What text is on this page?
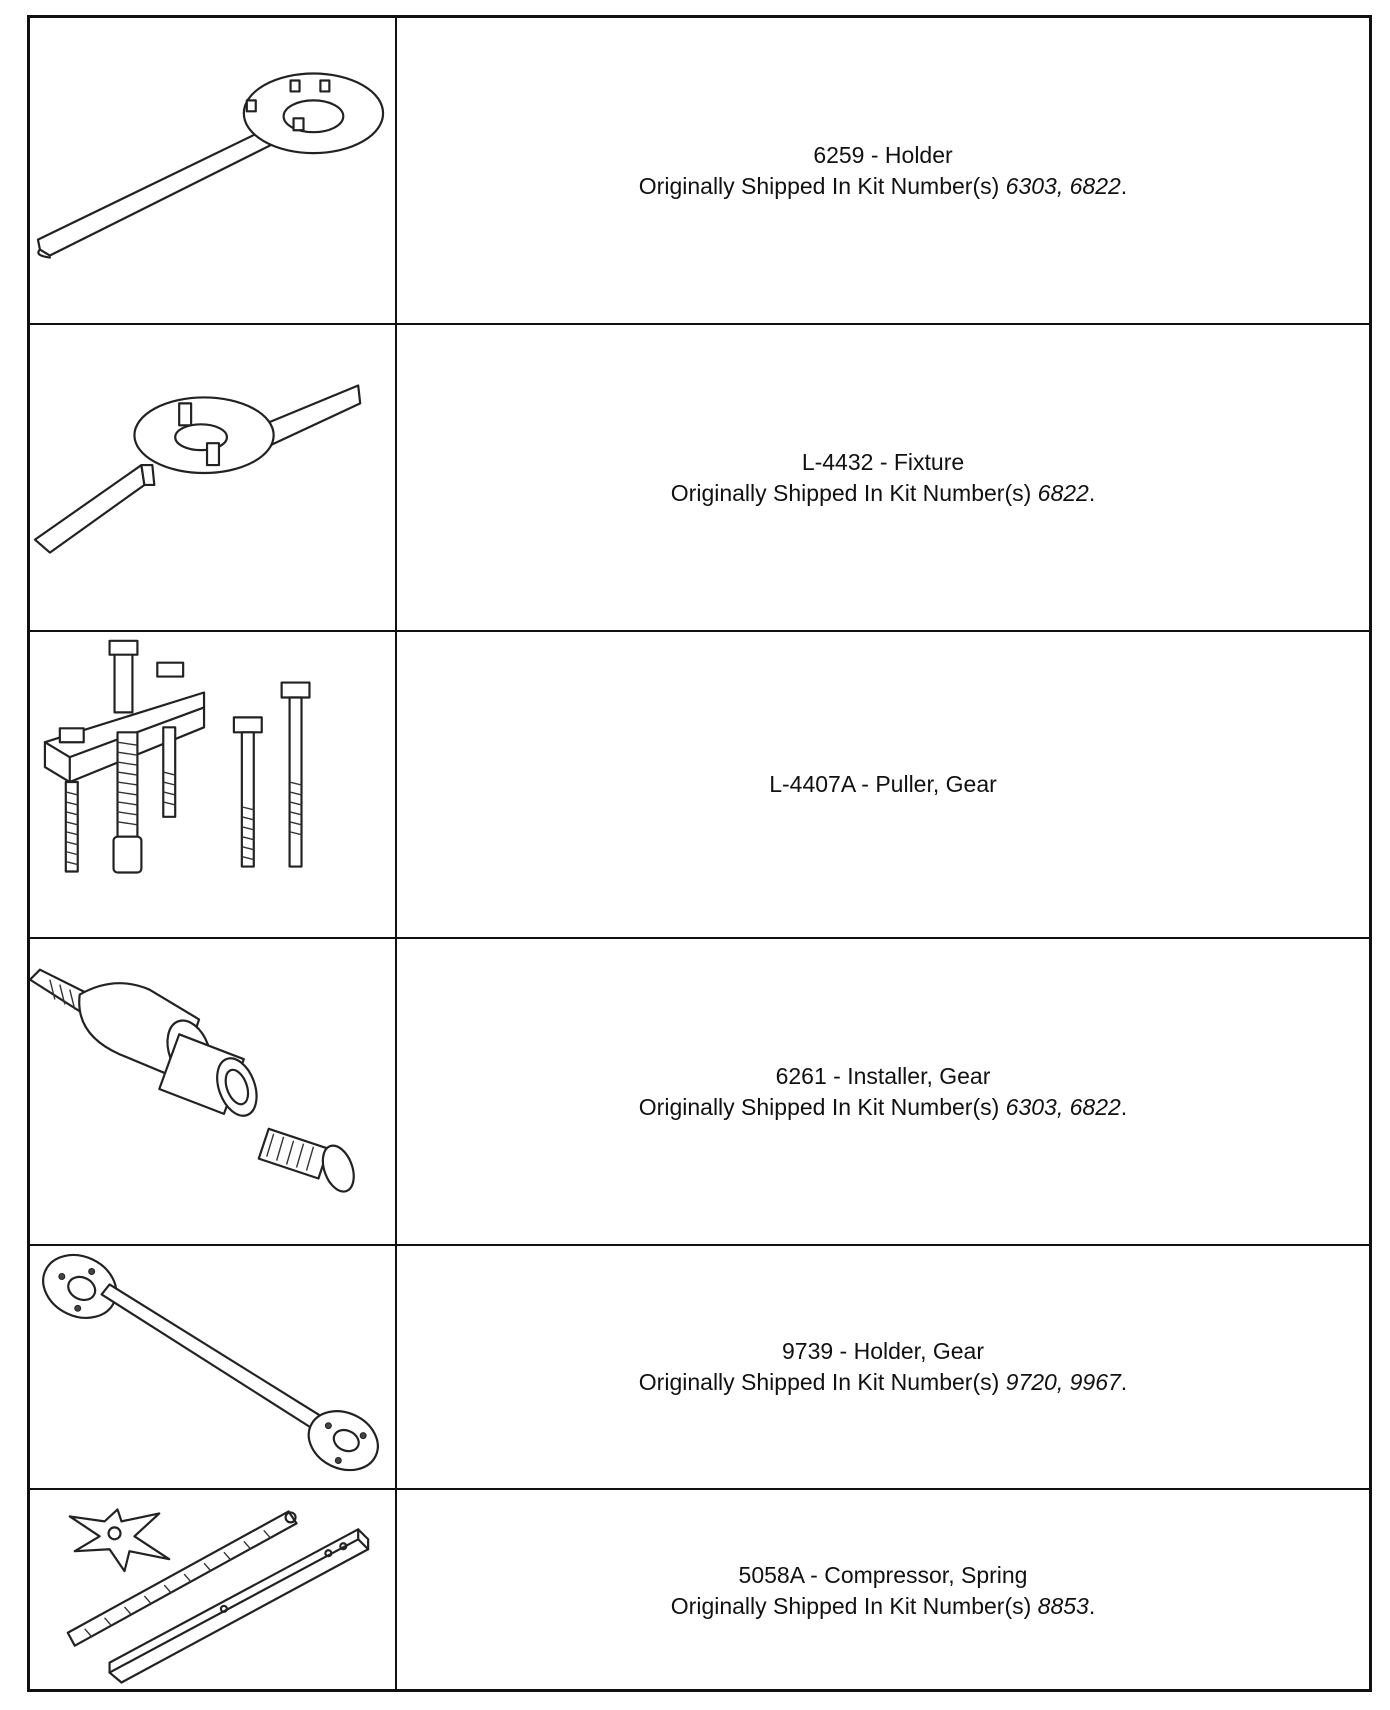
6259 - Holder
Originally Shipped In Kit Number(s) 6303, 6822.
L-4432 - Fixture
Originally Shipped In Kit Number(s) 6822.
L-4407A - Puller, Gear
6261 - Installer, Gear
Originally Shipped In Kit Number(s) 6303, 6822.
9739 - Holder, Gear
Originally Shipped In Kit Number(s) 9720, 9967.
5058A - Compressor, Spring
Originally Shipped In Kit Number(s) 8853.
